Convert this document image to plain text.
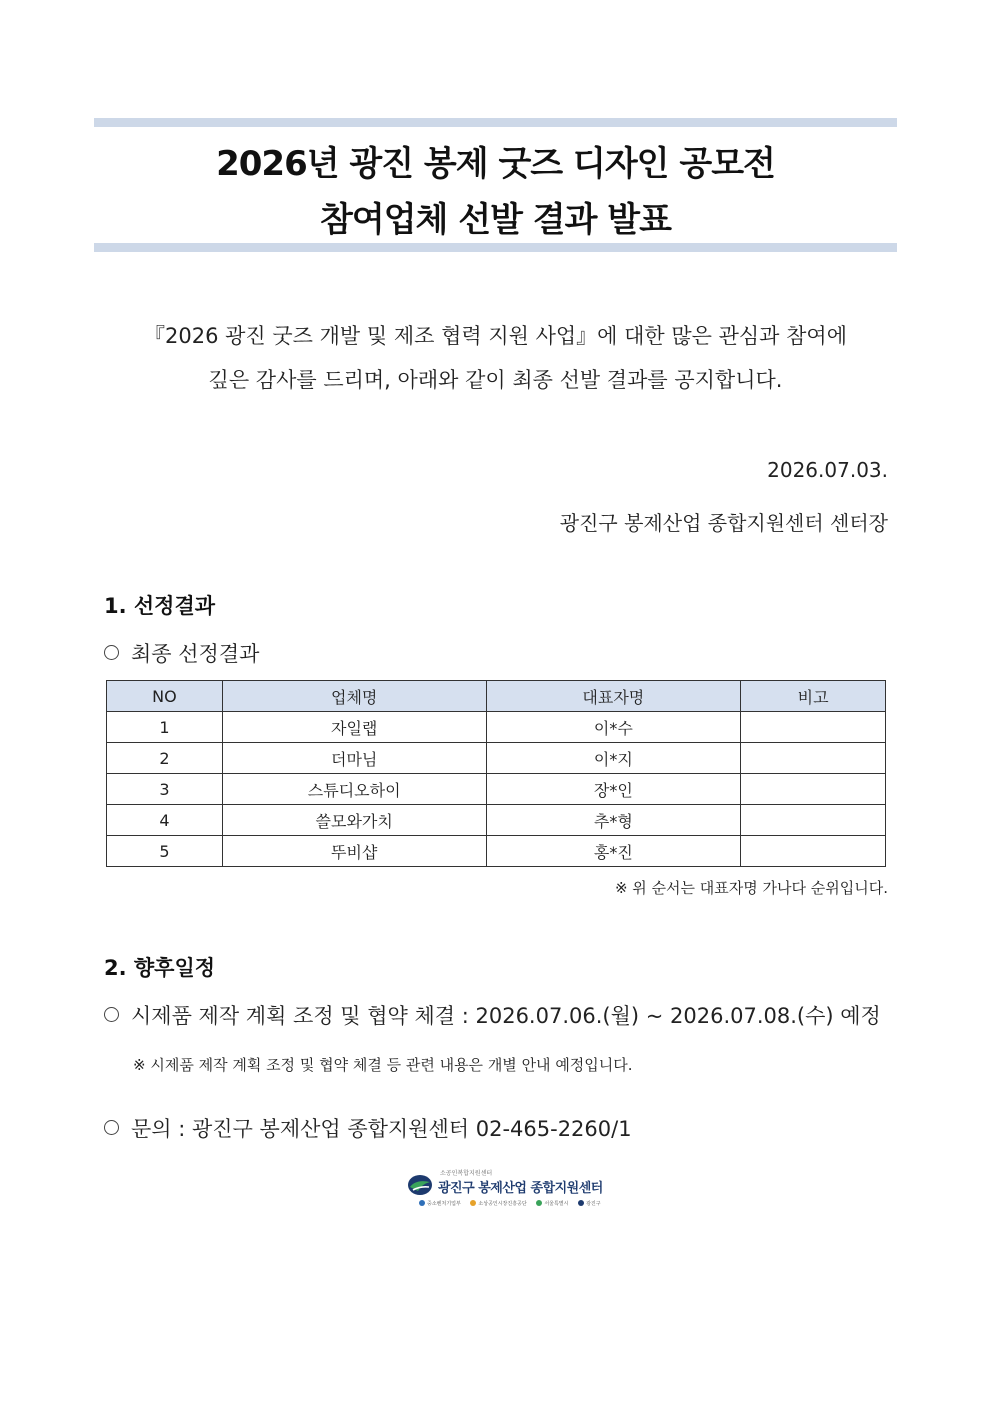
2026년 광진 봉제 굿즈 디자인 공모전
참여업체 선발 결과 발표
『2026 광진 굿즈 개발 및 제조 협력 지원 사업』에 대한 많은 관심과 참여에
깊은 감사를 드리며, 아래와 같이 최종 선발 결과를 공지합니다.
2026.07.03.
광진구 봉제산업 종합지원센터 센터장
1. 선정결과
최종 선정결과
NO	업체명	대표자명	비고
1	자일랩	이*수	
2	더마님	이*지	
3	스튜디오하이	장*인	
4	쓸모와가치	추*형	
5	뚜비샵	홍*진	
※ 위 순서는 대표자명 가나다 순위입니다.
2. 향후일정
시제품 제작 계획 조정 및 협약 체결 : 2026.07.06.(월) ~ 2026.07.08.(수) 예정
※ 시제품 제작 계획 조정 및 협약 체결 등 관련 내용은 개별 안내 예정입니다.
문의 : 광진구 봉제산업 종합지원센터 02-465-2260/1
소공인복합지원센터
광진구 봉제산업 종합지원센터
중소벤처기업부	소상공인시장진흥공단	서울특별시	광진구
